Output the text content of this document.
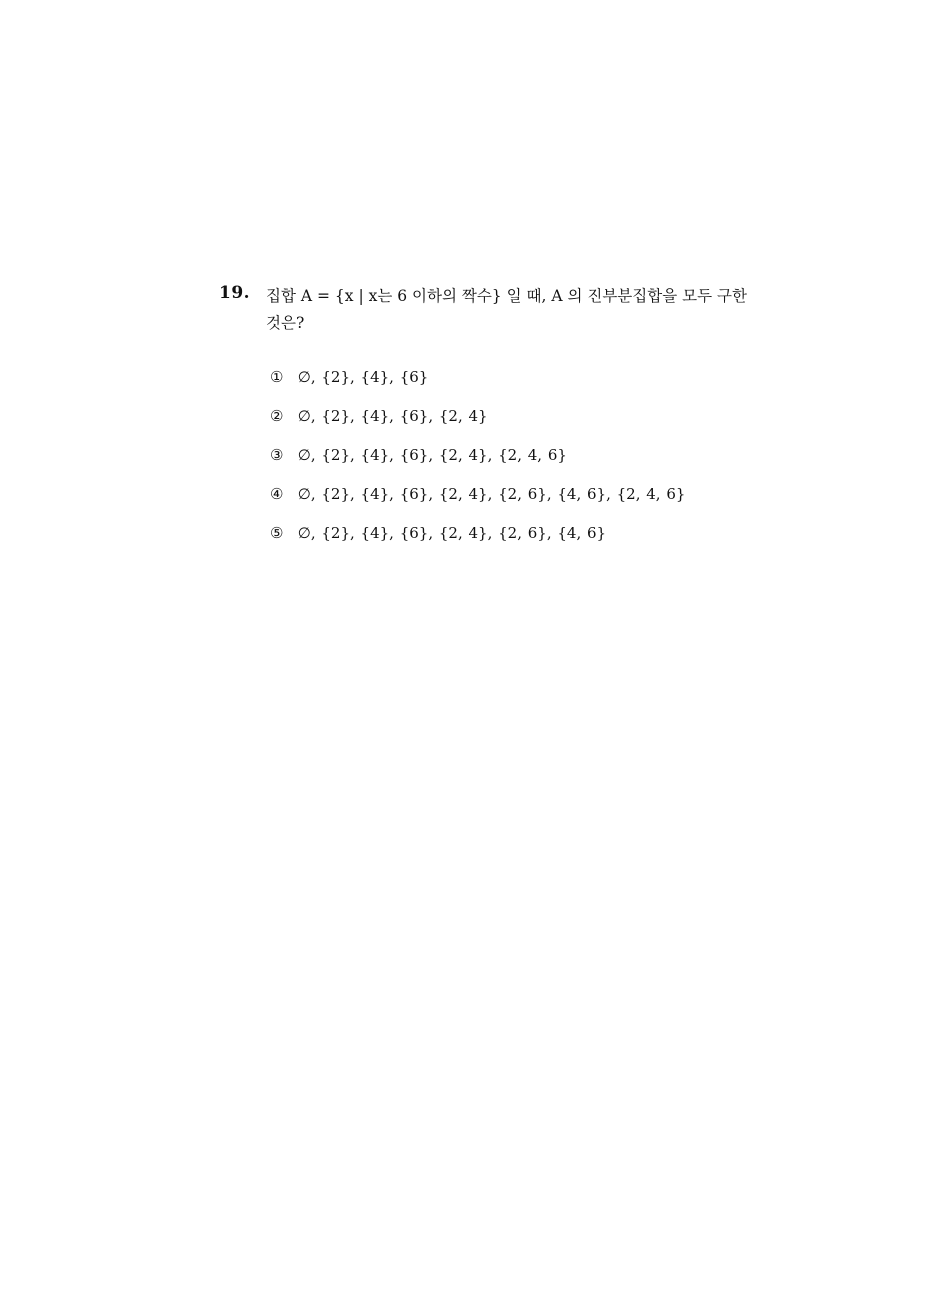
19. 집합 A = {x | x는 6 이하의 짝수} 일 때, A 의 진부분집합을 모두 구한 것은?
① ∅, {2}, {4}, {6}
② ∅, {2}, {4}, {6}, {2, 4}
③ ∅, {2}, {4}, {6}, {2, 4}, {2, 4, 6}
④ ∅, {2}, {4}, {6}, {2, 4}, {2, 6}, {4, 6}, {2, 4, 6}
⑤ ∅, {2}, {4}, {6}, {2, 4}, {2, 6}, {4, 6}
